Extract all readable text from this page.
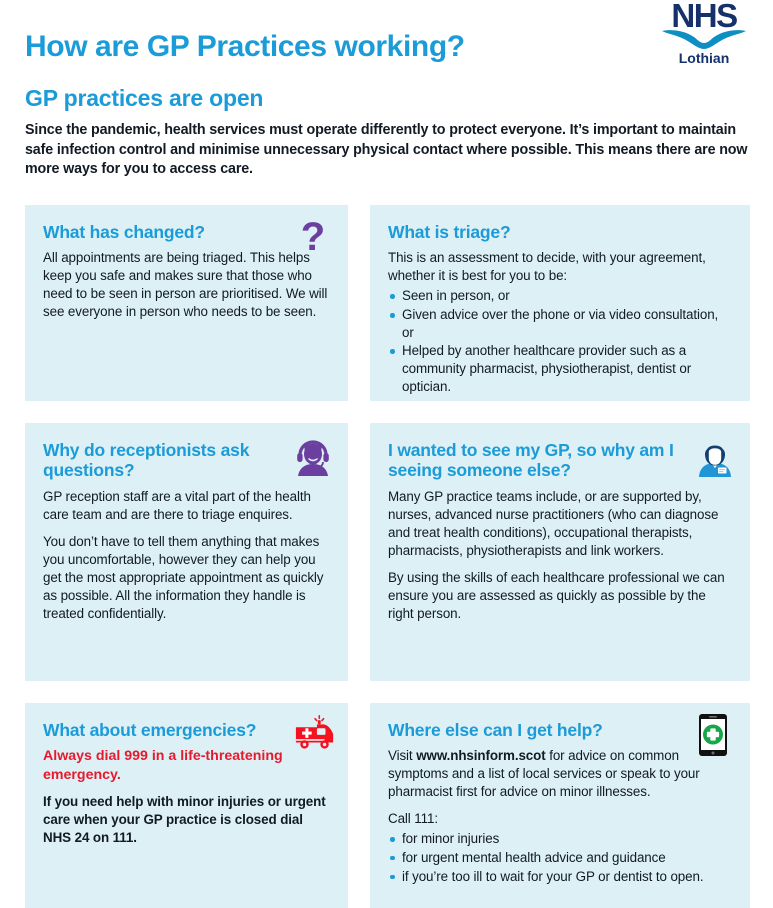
NHS
Lothian
How are GP Practices working?
GP practices are open

Since the pandemic, health services must operate differently to protect everyone. It’s important to maintain safe infection control and minimise unnecessary physical contact where possible. This means there are now more ways for you to access care.

?
What has changed?

All appointments are being triaged. This helps keep you safe and makes sure that those who need to be seen in person are prioritised. We will see everyone in person who needs to be seen.

What is triage?

This is an assessment to decide, with your agreement, whether it is best for you to be:

Seen in person, or
Given advice over the phone or via video consultation, or
Helped by another healthcare provider such as a community pharmacist, physiotherapist, dentist or optician.
Why do receptionists ask questions?

GP reception staff are a vital part of the health care team and are there to triage enquires.

You don’t have to tell them anything that makes you uncomfortable, however they can help you get the most appropriate appointment as quickly as possible. All the information they handle is treated confidentially.

I wanted to see my GP, so why am I seeing someone else?

Many GP practice teams include, or are supported by, nurses, advanced nurse practitioners (who can diagnose and treat health conditions), occupational therapists, pharmacists, physiotherapists and link workers.

By using the skills of each healthcare professional we can ensure you are assessed as quickly as possible by the right person.

What about emergencies?
Always dial 999 in a life-threatening emergency.

If you need help with minor injuries or urgent care when your GP practice is closed dial NHS 24 on 111.

Where else can I get help?

Visit www.nhsinform.scot for advice on common symptoms and a list of local services or speak to your pharmacist first for advice on minor illnesses.

Call 111:

for minor injuries
for urgent mental health advice and guidance
if you’re too ill to wait for your GP or dentist to open.
